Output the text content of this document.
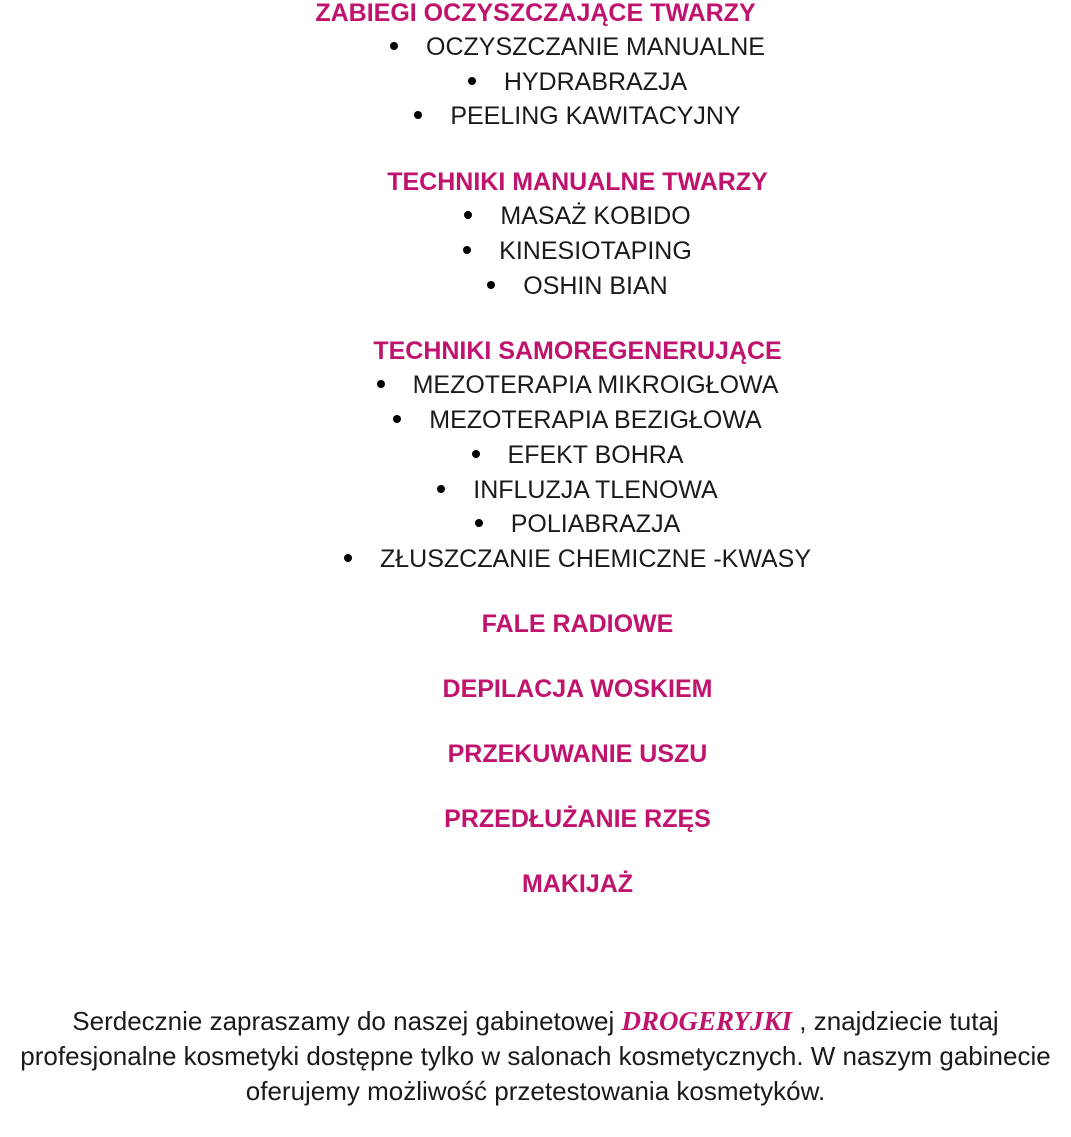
ZABIEGI OCZYSZCZAJĄCE TWARZY
OCZYSZCZANIE MANUALNE
HYDRABRAZJA
PEELING KAWITACYJNY
TECHNIKI MANUALNE TWARZY
MASAŻ KOBIDO
KINESIOTAPING
OSHIN BIAN
TECHNIKI SAMOREGENERUJĄCE
MEZOTERAPIA MIKROIGŁOWA
MEZOTERAPIA BEZIGŁOWA
EFEKT BOHRA
INFLUZJA TLENOWA
POLIABRAZJA
ZŁUSZCZANIE CHEMICZNE -KWASY
FALE RADIOWE
DEPILACJA WOSKIEM
PRZEKUWANIE USZU
PRZEDŁUŻANIE RZĘS
MAKIJAŻ
Serdecznie zapraszamy do naszej gabinetowej DROGERYJKI , znajdziecie tutaj profesjonalne kosmetyki dostępne tylko w salonach kosmetycznych. W naszym gabinecie oferujemy możliwość przetestowania kosmetyków.
